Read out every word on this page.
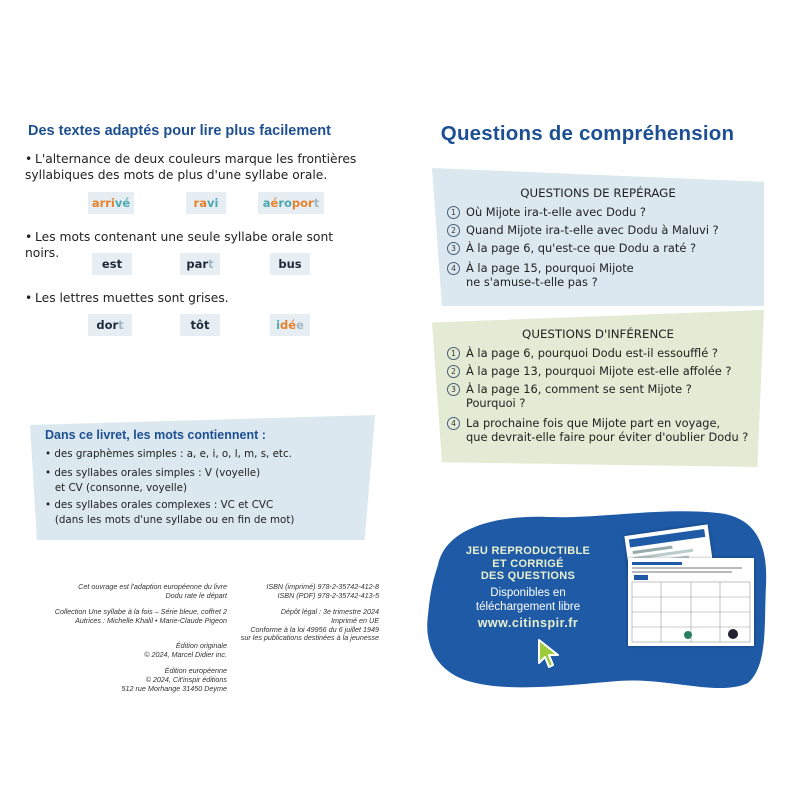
Des textes adaptés pour lire plus facilement
• L'alternance de deux couleurs marque les frontières syllabiques des mots de plus d'une syllabe orale.
arri vé	ra vi	a é ro por t
• Les mots contenant une seule syllabe orale sont noirs.
est	par t	bus
• Les lettres muettes sont grises.
dor t	tôt	i dé e
Dans ce livret, les mots contiennent :
• des graphèmes simples : a, e, i, o, l, m, s, etc.
• des syllabes orales simples : V (voyelle)
et CV (consonne, voyelle)
• des syllabes orales complexes : VC et CVC
(dans les mots d'une syllabe ou en fin de mot)
Cet ouvrage est l'adaption européenne du livre
Dodu rate le départ
Collection Une syllabe à la fois – Série bleue, coffret 2
Autrices : Michelle Khalil • Marie-Claude Pigeon
Édition originale
© 2024, Marcel Didier inc.
Édition européenne
© 2024, Cit'inspir éditions
512 rue Morhange 31450 Deyme
ISBN (imprimé) 978-2-35742-412-8
ISBN (PDF) 978-2-35742-413-5
Dépôt légal : 3e trimestre 2024
Imprimé en UE
Conforme à la loi 49956 du 6 juillet 1949
sur les publications destinées à la jeunesse
Questions de compréhension
QUESTIONS DE REPÉRAGE
1 Où Mijote ira-t-elle avec Dodu ?
2 Quand Mijote ira-t-elle avec Dodu à Maluvi ?
3 À la page 6, qu'est-ce que Dodu a raté ?
4 À la page 15, pourquoi Mijote
ne s'amuse-t-elle pas ?
QUESTIONS D'INFÉRENCE
1 À la page 6, pourquoi Dodu est-il essoufflé ?
2 À la page 13, pourquoi Mijote est-elle affolée ?
3 À la page 16, comment se sent Mijote ?
Pourquoi ?
4 La prochaine fois que Mijote part en voyage,
que devrait-elle faire pour éviter d'oublier Dodu ?
JEU REPRODUCTIBLE
ET CORRIGÉ
DES QUESTIONS
Disponibles en
téléchargement libre
www.citinspir.fr
